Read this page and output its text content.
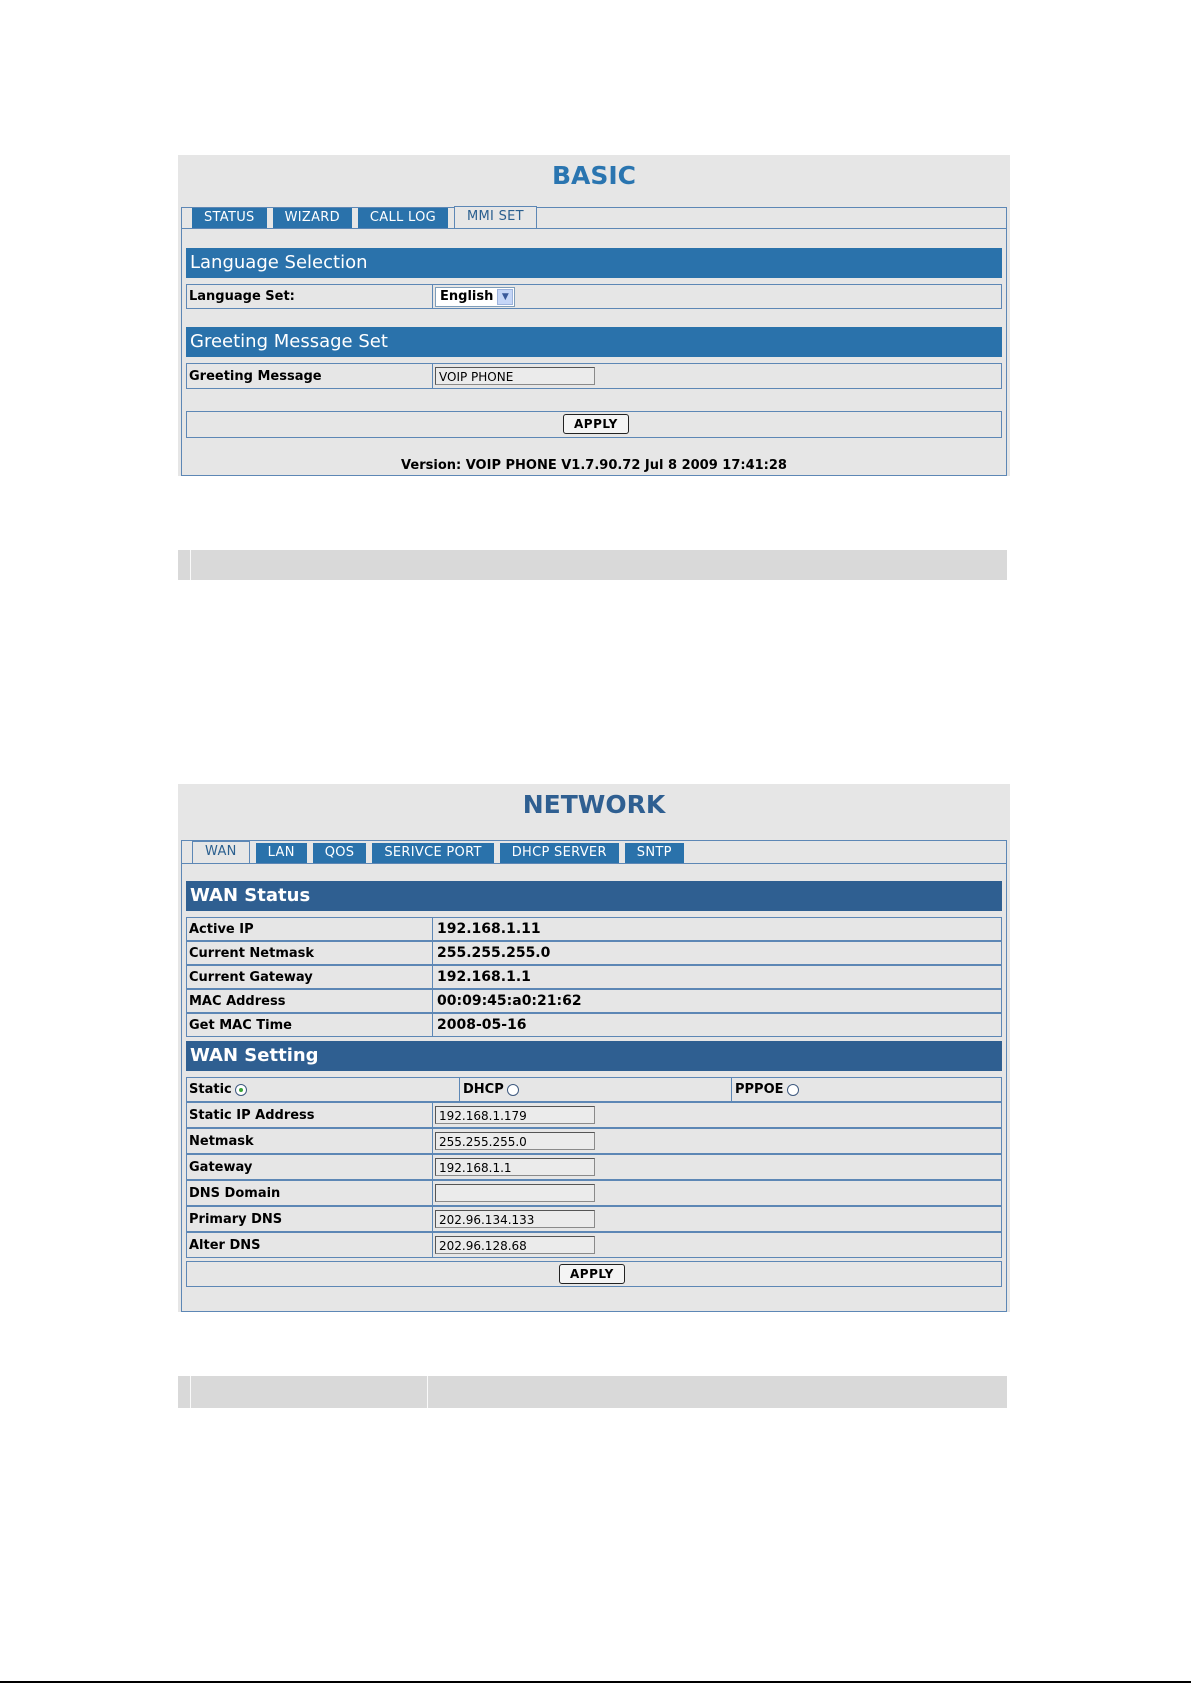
BASIC
STATUS	WIZARD	CALL LOG	MMI SET
Language Selection
Language Set:	English ▼
Greeting Message Set
Greeting Message	VOIP PHONE
APPLY
Version: VOIP PHONE V1.7.90.72 Jul 8 2009 17:41:28
NETWORK
WAN	LAN	QOS	SERIVCE PORT	DHCP SERVER	SNTP
WAN Status
Active IP	192.168.1.11
Current Netmask	255.255.255.0
Current Gateway	192.168.1.1
MAC Address	00:09:45:a0:21:62
Get MAC Time	2008-05-16
WAN Setting
Static	DHCP	PPPOE
Static IP Address	192.168.1.179
Netmask	255.255.255.0
Gateway	192.168.1.1
DNS Domain
Primary DNS	202.96.134.133
Alter DNS	202.96.128.68
APPLY
